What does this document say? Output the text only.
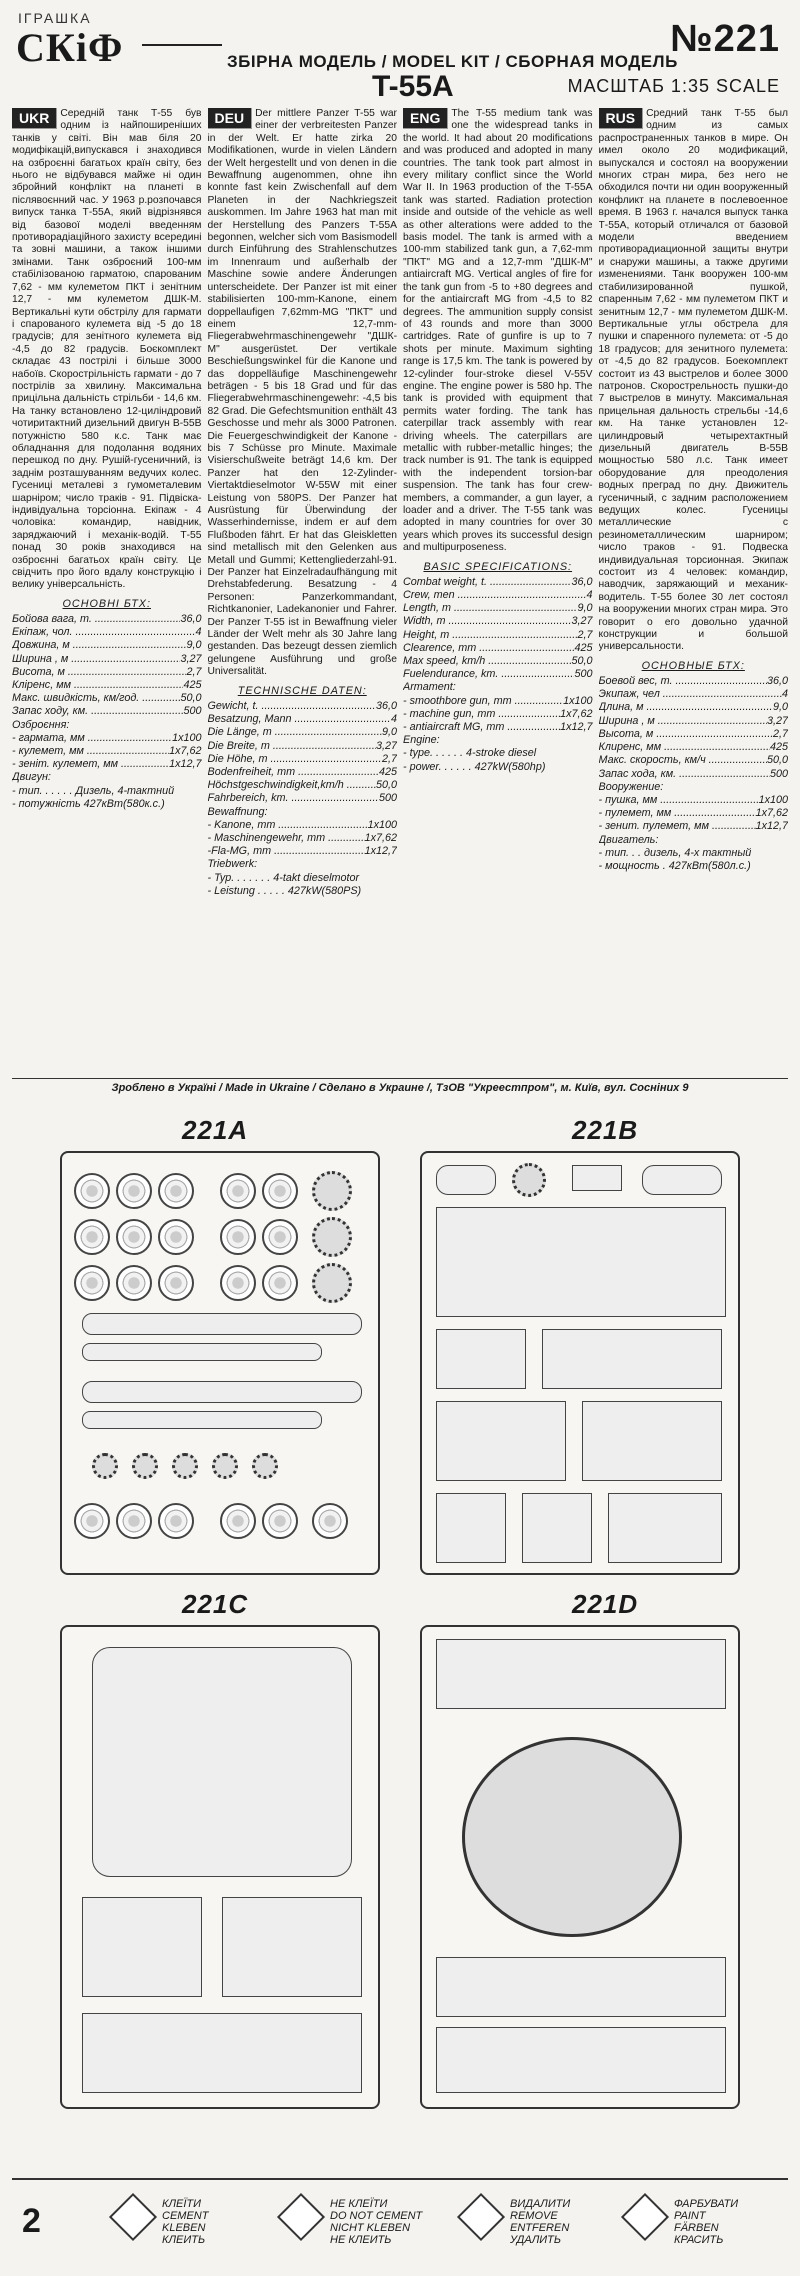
ІГРАШКА
СКіФ	ЗБІРНА МОДЕЛЬ / MODEL KIT / СБОРНАЯ МОДЕЛЬ
№221
T-55A	МАСШТАБ 1:35 SCALE
UKR	Середній танк Т-55 був одним із найпоширеніших танків у світі. Він мав біля 20 модифікацій,випускався і знаходився на озброєнні багатьох країн світу, без нього не відбувався майже ні один збройний конфлікт на планеті в післявоєнний час. У 1963 р.розпочався випуск танка Т-55А, який відрізнявся від базової моделі введенням противорадіаційного захисту всередині та зовні машини, а також іншими змінами. Танк озброєний 100-мм стабілізованою гарматою, спарованим 7,62 - мм кулеметом ПКТ і зенітним 12,7 - мм кулеметом ДШК-М. Вертикальні кути обстрілу для гармати і спарованого кулемета від -5 до 18 градусів; для зенітного кулемета від -4,5 до 82 градусів. Боєкомплект складає 43 пострілі і більше 3000 набоїв. Скорострільність гармати - до 7 пострілів за хвилину. Максимальна прицільна дальність стрільби - 14,6 км. На танку встановлено 12-циліндровий чотиритактний дизельний двигун В-55В потужністю 580 к.с. Танк має обладнання для подолання водяних перешкод по дну. Рушій-гусеничний, із заднім розташуванням ведучих колес. Гусениці металеві з гумометалевим шарніром; число траків - 91. Підвіска-індивідуальна торсіонна. Екіпаж - 4 чоловіка: командир, навідник, заряджаючий і механік-водій. Т-55 понад 30 років знаходився на озброєнні багатьох країн світу. Це свідчить про його вдалу конструкцію і велику універсальність.

ОСНОВНІ БТХ:
Бойова вага, т. .....	36,0
Екіпаж, чол. .....	4
Довжина, м .....	9,0
Ширина , м .....	3,27
Висота, м .....	2,7
Кліренс, мм .....	425
Макс. швидкість, км/год. .....	50,0
Запас ходу, км. .....	500
Озброєння:
- гармата, мм .....	1х100
- кулемет, мм .....	1х7,62
- зеніт. кулемет, мм .....	1х12,7
Двигун:
- тип. . . . . . Дизель, 4-тактний
- потужність 427кВт(580к.с.)
DEU	Der mittlere Panzer T-55 war einer der verbreitesten Panzer in der Welt. Er hatte zirka 20 Modifikationen, wurde in vielen Ländern der Welt hergestellt und von denen in die Bewaffnung augenommen, ohne ihn konnte fast kein Zwischenfall auf dem Planeten in der Nachkriegszeit auskommen. Im Jahre 1963 hat man mit der Herstellung des Panzers T-55A begonnen, welcher sich vom Basismodell durch Einführung des Strahlenschutzes im Innenraum und außerhalb der Maschine sowie andere Änderungen unterscheidete. Der Panzer ist mit einer stabilisierten 100-mm-Kanone, einem doppellaufigen 7,62mm-MG "ПКТ" und einem 12,7-mm-Fliegerabwehrmaschinengewehr "ДШК-М" ausgerüstet. Der vertikale Beschießungswinkel für die Kanone und das doppelläufige Maschinengewehr beträgen - 5 bis 18 Grad und für das Fliegerabwehrmaschinengewehr: -4,5 bis 82 Grad. Die Gefechtsmunition enthält 43 Geschosse und mehr als 3000 Patronen. Die Feuergeschwindigkeit der Kanone - bis 7 Schüsse pro Minute. Maximale Visierschußweite beträgt 14,6 km. Der Panzer hat den 12-Zylinder-Viertaktdieselmotor W-55W mit einer Leistung von 580PS. Der Panzer hat Ausrüstung für Überwindung der Wasserhindernisse, indem er auf dem Flußboden fährt. Er hat das Gleiskletten sind metallisch mit den Gelenken aus Metall und Gummi; Kettengliederzahl-91. Der Panzer hat Einzelradaufhängung mit Drehstabfederung. Besatzung - 4 Personen: Panzerkommandant, Richtkanonier, Ladekanonier und Fahrer. Der Panzer T-55 ist in Bewaffnung vieler Länder der Welt mehr als 30 Jahre lang gestanden. Das bezeugt dessen ziemlich gelungene Ausführung und große Universalität.

TECHNISCHE DATEN:
Gewicht, t. .....	36,0
Besatzung, Mann .....	4
Die Länge, m .....	9,0
Die Breite, m .....	3,27
Die Höhe, m .....	2,7
Bodenfreiheit, mm .....	425
Höchstgeschwindigkeit,km/h .....	50,0
Fahrbereich, km. .....	500
Bewaffnung:
- Kanone, mm .....	1х100
- Maschinengewehr, mm .....	1х7,62
-Fla-MG, mm .....	1х12,7
Triebwerk:
- Typ. . . . . . . 4-takt dieselmotor
- Leistung . . . . . 427kW(580PS)
ENG	The T-55 medium tank was one the widespread tanks in the world. It had about 20 modifications and was produced and adopted in many countries. The tank took part almost in every military conflict since the World War II. In 1963 production of the T-55A tank was started. Radiation protection inside and outside of the vehicle as well as other alterations were added to the basis model. The tank is armed with a 100-mm stabilized tank gun, a 7,62-mm "ПКТ" MG and a 12,7-mm "ДШК-М" antiaircraft MG. Vertical angles of fire for the tank gun from -5 to +80 degrees and for the antiaircraft MG from -4,5 to 82 degrees. The ammunition supply consist of 43 rounds and more than 3000 cartridges. Rate of gunfire is up to 7 shots per minute. Maximum sighting range is 17,5 km. The tank is powered by 12-cylinder four-stroke diesel V-55V engine. The engine power is 580 hp. The tank is provided with equipment that permits water fording. The tank has caterpillar track assembly with rear driving wheels. The caterpillars are metallic with rubber-metallic hinges; the track number is 91. The tank is equipped with the independent torsion-bar suspension. The tank has four crew-members, a commander, a gun layer, a loader and a driver. The T-55 tank was adopted in many countries for over 30 years which proves its successful design and multipurposeness.

BASIC SPECIFICATIONS:
Combat weight, t. .....	36,0
Crew, men .....	4
Length, m .....	9,0
Width, m .....	3,27
Height, m .....	2,7
Clearence, mm .....	425
Max speed, km/h .....	50,0
Fuelendurance, km. .....	500
Armament:
- smoothbore gun, mm .....	1х100
- machine gun, mm .....	1х7,62
- antiaircraft MG, mm .....	1х12,7
Engine:
- type. . . . . . 4-stroke diesel
- power. . . . . . 427kW(580hp)
RUS	Средний танк Т-55 был одним из самых распространенных танков в мире. Он имел около 20 модификаций, выпускался и состоял на вооружении многих стран мира, без него не обходился почти ни один вооруженный конфликт на планете в послевоенное время. В 1963 г. начался выпуск танка Т-55А, который отличался от базовой модели введением противорадиационной защиты внутри и снаружи машины, а также другими изменениями. Танк вооружен 100-мм стабилизированной пушкой, спаренным 7,62 - мм пулеметом ПКТ и зенитным 12,7 - мм пулеметом ДШК-М. Вертикальные углы обстрела для пушки и спаренного пулемета: от -5 до 18 градусов; для зенитного пулемета: от -4,5 до 82 градусов. Боекомплект состоит из 43 выстрелов и более 3000 патронов. Скорострельность пушки-до 7 выстрелов в минуту. Максимальная прицельная дальность стрельбы -14,6 км. На танке установлен 12-цилиндровый четырехтактный дизельный двигатель В-55В мощностью 580 л.с. Танк имеет оборудование для преодоления водных преград по дну. Движитель гусеничный, с задним расположением ведущих колес. Гусеницы металлические с резинометаллическим шарниром; число траков - 91. Подвеска индивидуальная торсионная. Экипаж состоит из 4 человек: командир, наводчик, заряжающий и механик-водитель. Т-55 более 30 лет состоял на вооружении многих стран мира. Это говорит о его довольно удачной конструкции и большой универсальности.

ОСНОВНЫЕ БТХ:
Боевой вес, т. .....	36,0
Экипаж, чел .....	4
Длина, м .....	9,0
Ширина , м .....	3,27
Высота, м .....	2,7
Клиренс, мм .....	425
Макс. скорость, км/ч .....	50,0
Запас хода, км. .....	500
Вооружение:
- пушка, мм .....	1х100
- пулемет, мм .....	1х7,62
- зенит. пулемет, мм .....	1х12,7
Двигатель:
- тип. . . дизель, 4-х тактный
- мощность . 427кВт(580л.с.)
Зроблено в Україні / Made in Ukraine / Сделано в Украине /, ТзОВ "Укреестпром", м. Київ, вул. Соснiних 9
221A	221B
221C	221D
2	КЛЕЇТИ
CEMENT
KLEBEN
КЛЕИТЬ
НЕ КЛЕЇТИ
DO NOT CEMENT
NICHT KLEBEN
НЕ КЛЕИТЬ
ВИДАЛИТИ
REMOVE
ENTFEREN
УДАЛИТЬ
ФАРБУВАТИ
PAINT
FÄRBEN
КРАСИТЬ
